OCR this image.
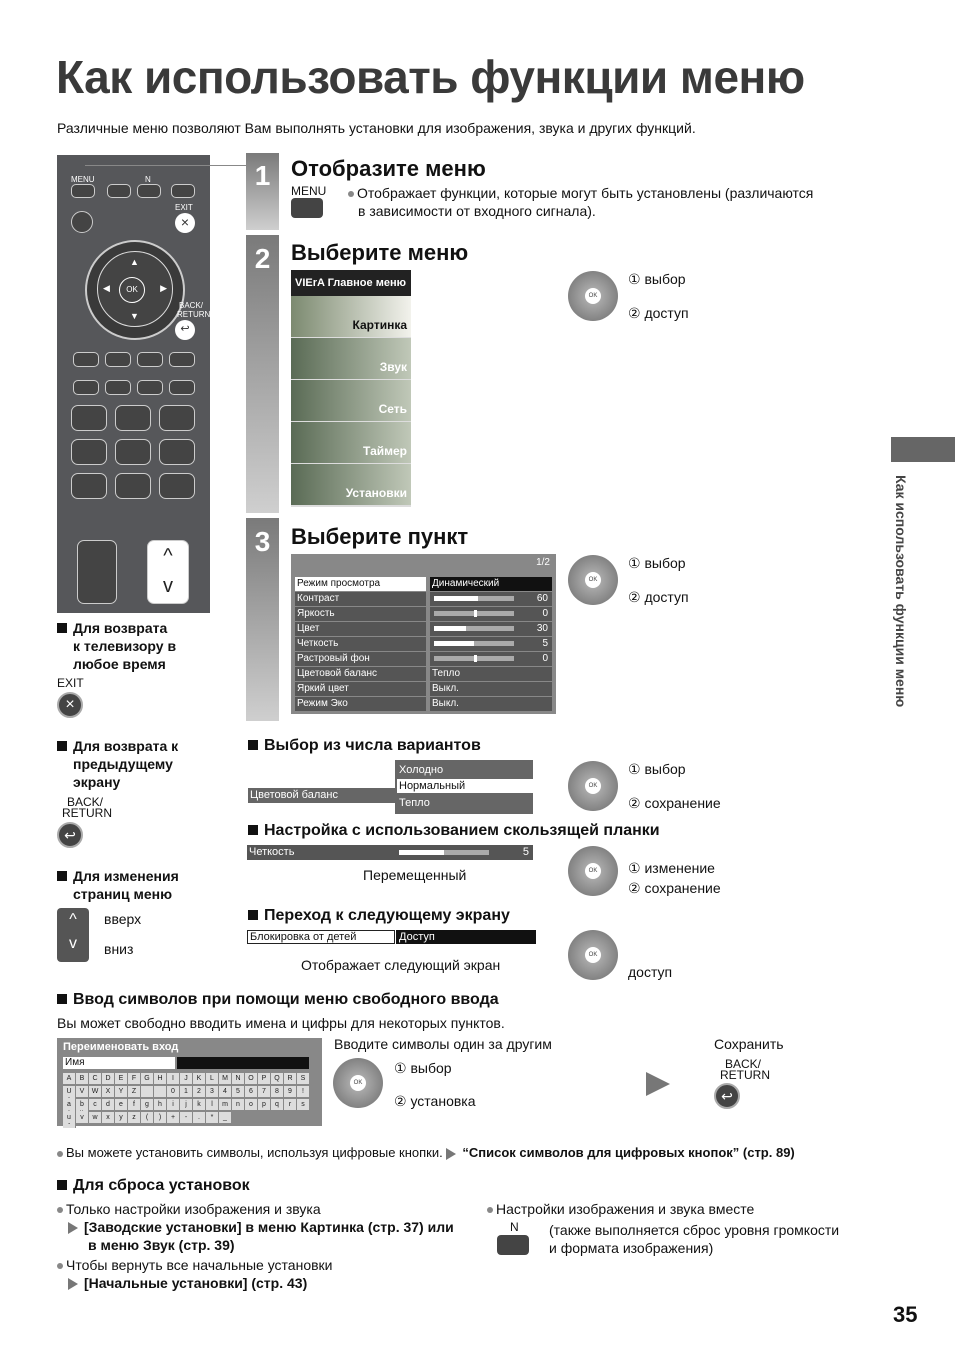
Как использовать функции меню
Различные меню позволяют Вам выполнять установки для изображения, звука и других функций.
MENU	N
EXIT
×
▲
▼
◀	▶
OK
BACK/
RETURN
↩
^
v
Для возврата
к телевизору в
любое время
EXIT
×
Для возврата к
предыдущему
экрану
BACK/
RETURN
↩
Для изменения
страниц меню
^
v
вверх
вниз
1 Отобразите меню
MENU	Отображает функции, которые могут быть установлены (различаются
в зависимости от входного сигнала).
2 Выберите меню
VIErA Главное меню
Картинка
Звук
Сеть
Таймер
Установки
OK
① выбор
② доступ
3 Выберите пункт
1/2
Режим просмотра	Динамический
Контраст	60
Яркость	0
Цвет	30
Четкость	5
Растровый фон	0
Цветовой баланс	Тепло
Яркий цвет	Выкл.
Режим Эко	Выкл.
OK
① выбор
② доступ
Выбор из числа вариантов
Цветовой баланс
Холодно
Нормальный
Тепло
OK
① выбор
② сохранение
Настройка с использованием скользящей планки
Четкость	5
Перемещенный	OK ① изменение
② сохранение
Переход к следующему экрану
Блокировка от детей	Доступ
Отображает следующий экран
OK
доступ
Ввод символов при помощи меню свободного ввода
Вы может свободно вводить имена и цифры для некоторых пунктов.
Переименовать вход
Имя
A B C D E F G H I J K L M N O P Q R S
U V W X Y Z	0 1 2 3 4 5 6 7 8 9 !
a b c d e f g h i j k l m n o p q r s
u v w x y z ( ) + - . * _
Вводите символы один за другим
OK
① выбор
② установка
Сохранить
BACK/
RETURN
↩
Вы можете установить символы, используя цифровые кнопки. “Список символов для цифровых кнопок” (стр. 89)
Для сброса установок
Только настройки изображения и звука
[Заводские установки] в меню Картинка (стр. 37) или
в меню Звук (стр. 39)
Чтобы вернуть все начальные установки
[Начальные установки] (стр. 43)
Настройки изображения и звука вместе
N (также выполняется сброс уровня громкости
и формата изображения)
Как использовать функции меню
35
